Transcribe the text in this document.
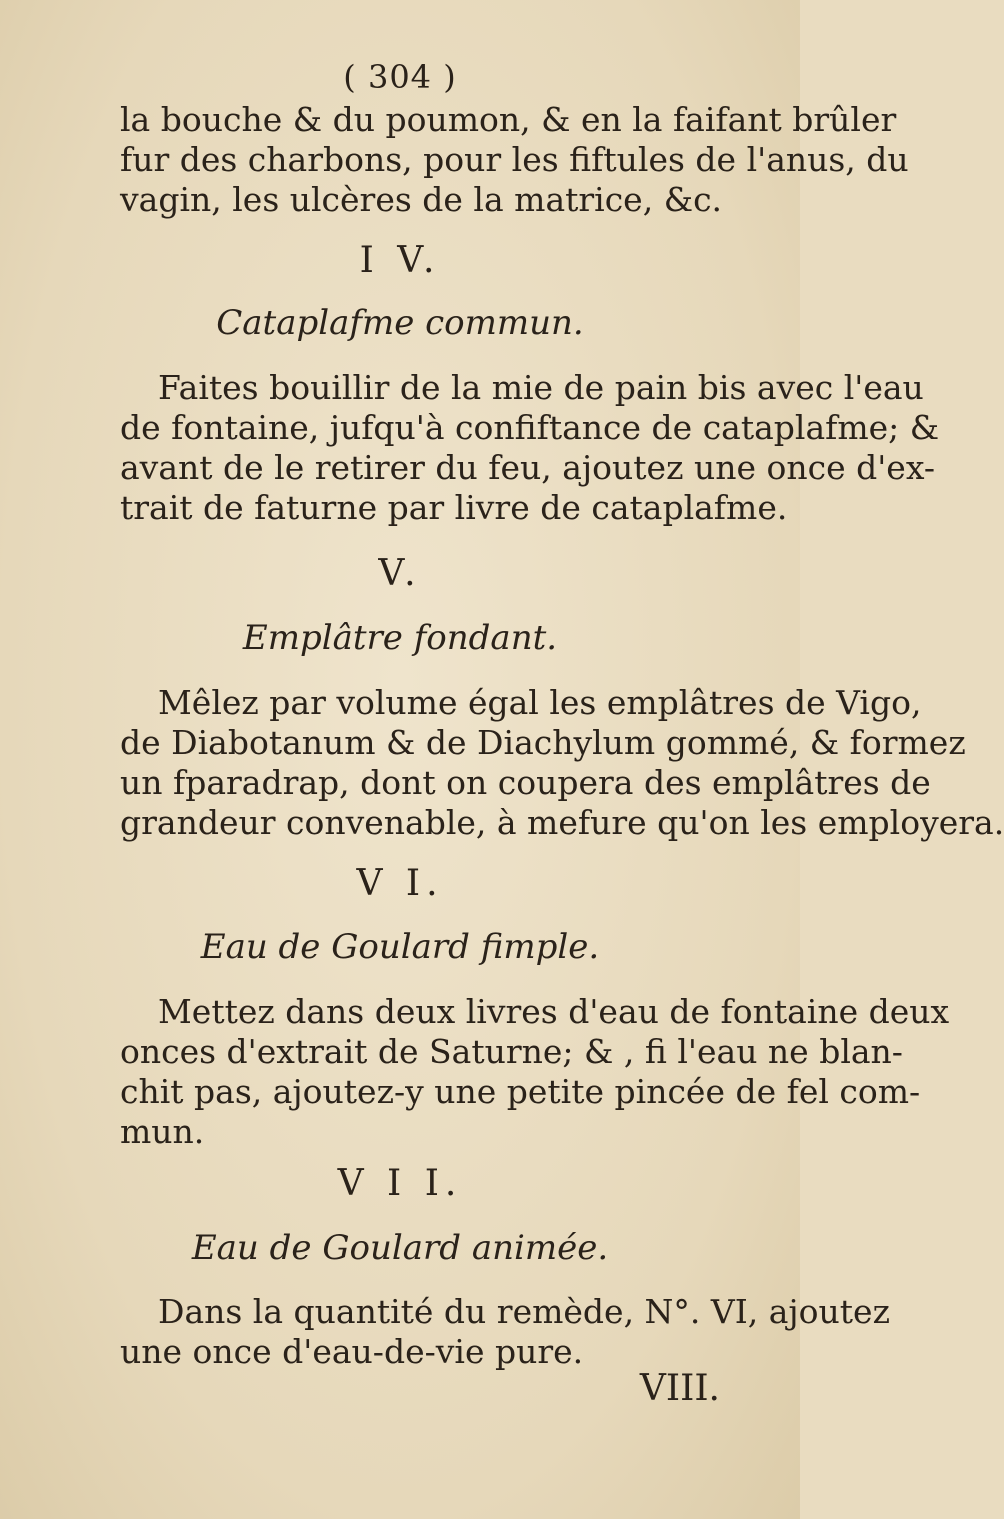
( 304 )
la bouche & du poumon, & en la faifant brûler
fur des charbons, pour les fiftules de l'anus, du
vagin, les ulcères de la matrice, &c.
I V.
Cataplafme commun.
Faites bouillir de la mie de pain bis avec l'eau
de fontaine, jufqu'à confiftance de cataplafme; &
avant de le retirer du feu, ajoutez une once d'ex-
trait de faturne par livre de cataplafme.
V.
Emplâtre fondant.
Mêlez par volume égal les emplâtres de Vigo,
de Diabotanum & de Diachylum gommé, & formez
un fparadrap, dont on coupera des emplâtres de
grandeur convenable, à mefure qu'on les employera.
V I.
Eau de Goulard fimple.
Mettez dans deux livres d'eau de fontaine deux
onces d'extrait de Saturne; & , fi l'eau ne blan-
chit pas, ajoutez-y une petite pincée de fel com-
mun.
V I I.
Eau de Goulard animée.
Dans la quantité du remède, N°. VI, ajoutez
une once d'eau-de-vie pure.
VIII.
